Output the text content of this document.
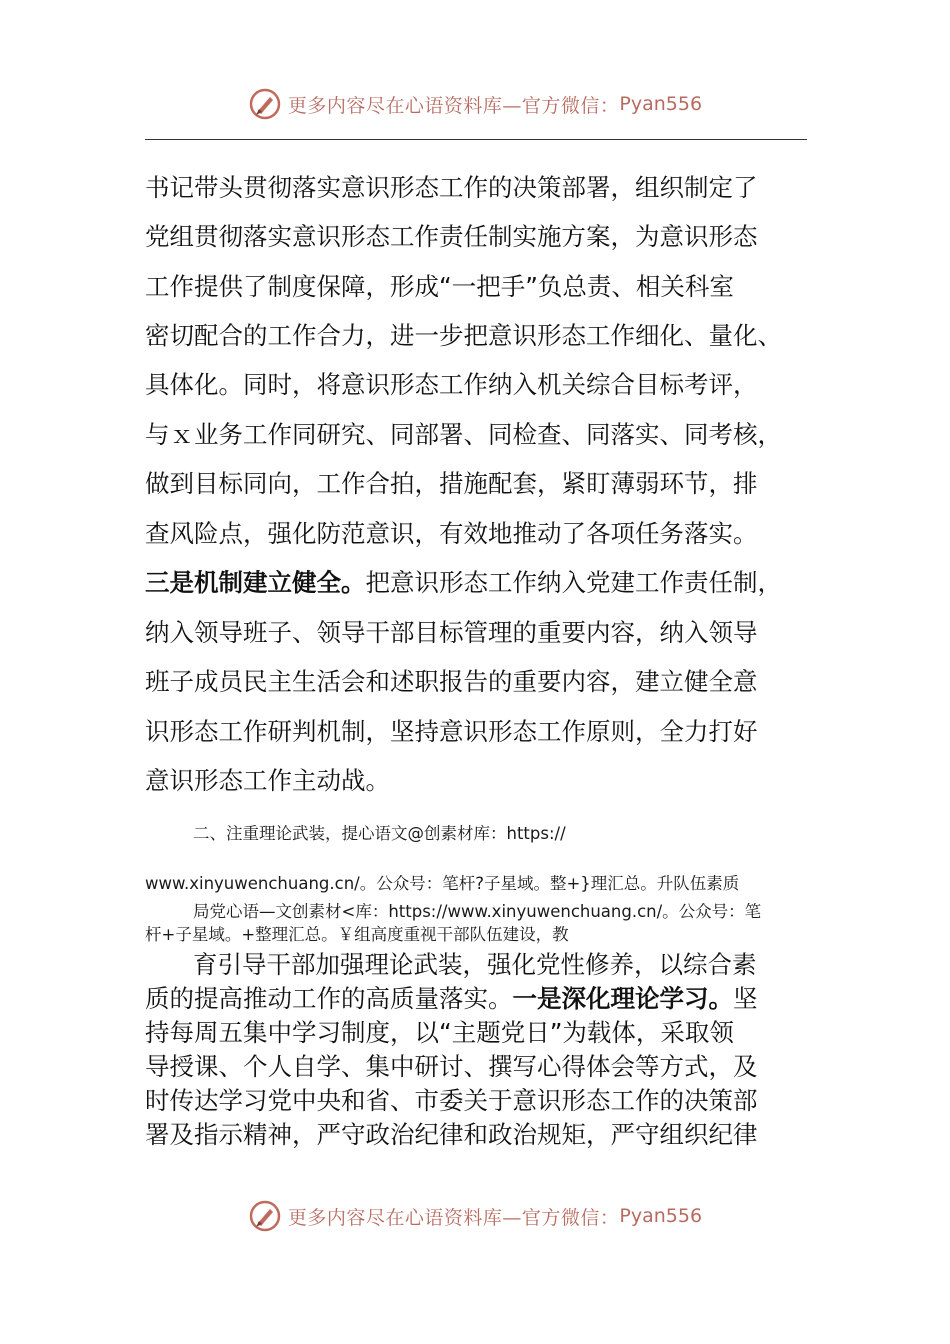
更多内容尽在心语资料库—官方微信： Pyan556
书记带头贯彻落实意识形态工作的决策部署，组织制定了
党组贯彻落实意识形态工作责任制实施方案，为意识形态
工作提供了制度保障，形成“一把手”负总责、相关科室
密切配合的工作合力，进一步把意识形态工作细化、量化、
具体化。同时，将意识形态工作纳入机关综合目标考评，
与ｘ业务工作同研究、同部署、同检查、同落实、同考核，
做到目标同向，工作合拍，措施配套，紧盯薄弱环节，排
查风险点，强化防范意识，有效地推动了各项任务落实。
三是机制建立健全。把意识形态工作纳入党建工作责任制，
纳入领导班子、领导干部目标管理的重要内容，纳入领导
班子成员民主生活会和述职报告的重要内容，建立健全意
识形态工作研判机制，坚持意识形态工作原则，全力打好
意识形态工作主动战。
二、注重理论武装，提心语文@创素材库：https://
www.xinyuwenchuang.cn/。公众号：笔杆?子星域。整+}理汇总。升队伍素质
局党心语—文创素材<库：https://www.xinyuwenchuang.cn/。公众号：笔
杆+子星域。+整理汇总。￥组高度重视干部队伍建设，教
育引导干部加强理论武装，强化党性修养，以综合素
质的提高推动工作的高质量落实。一是深化理论学习。坚
持每周五集中学习制度，以“主题党日”为载体，采取领
导授课、个人自学、集中研讨、撰写心得体会等方式，及
时传达学习党中央和省、市委关于意识形态工作的决策部
署及指示精神，严守政治纪律和政治规矩，严守组织纪律
更多内容尽在心语资料库—官方微信： Pyan556
